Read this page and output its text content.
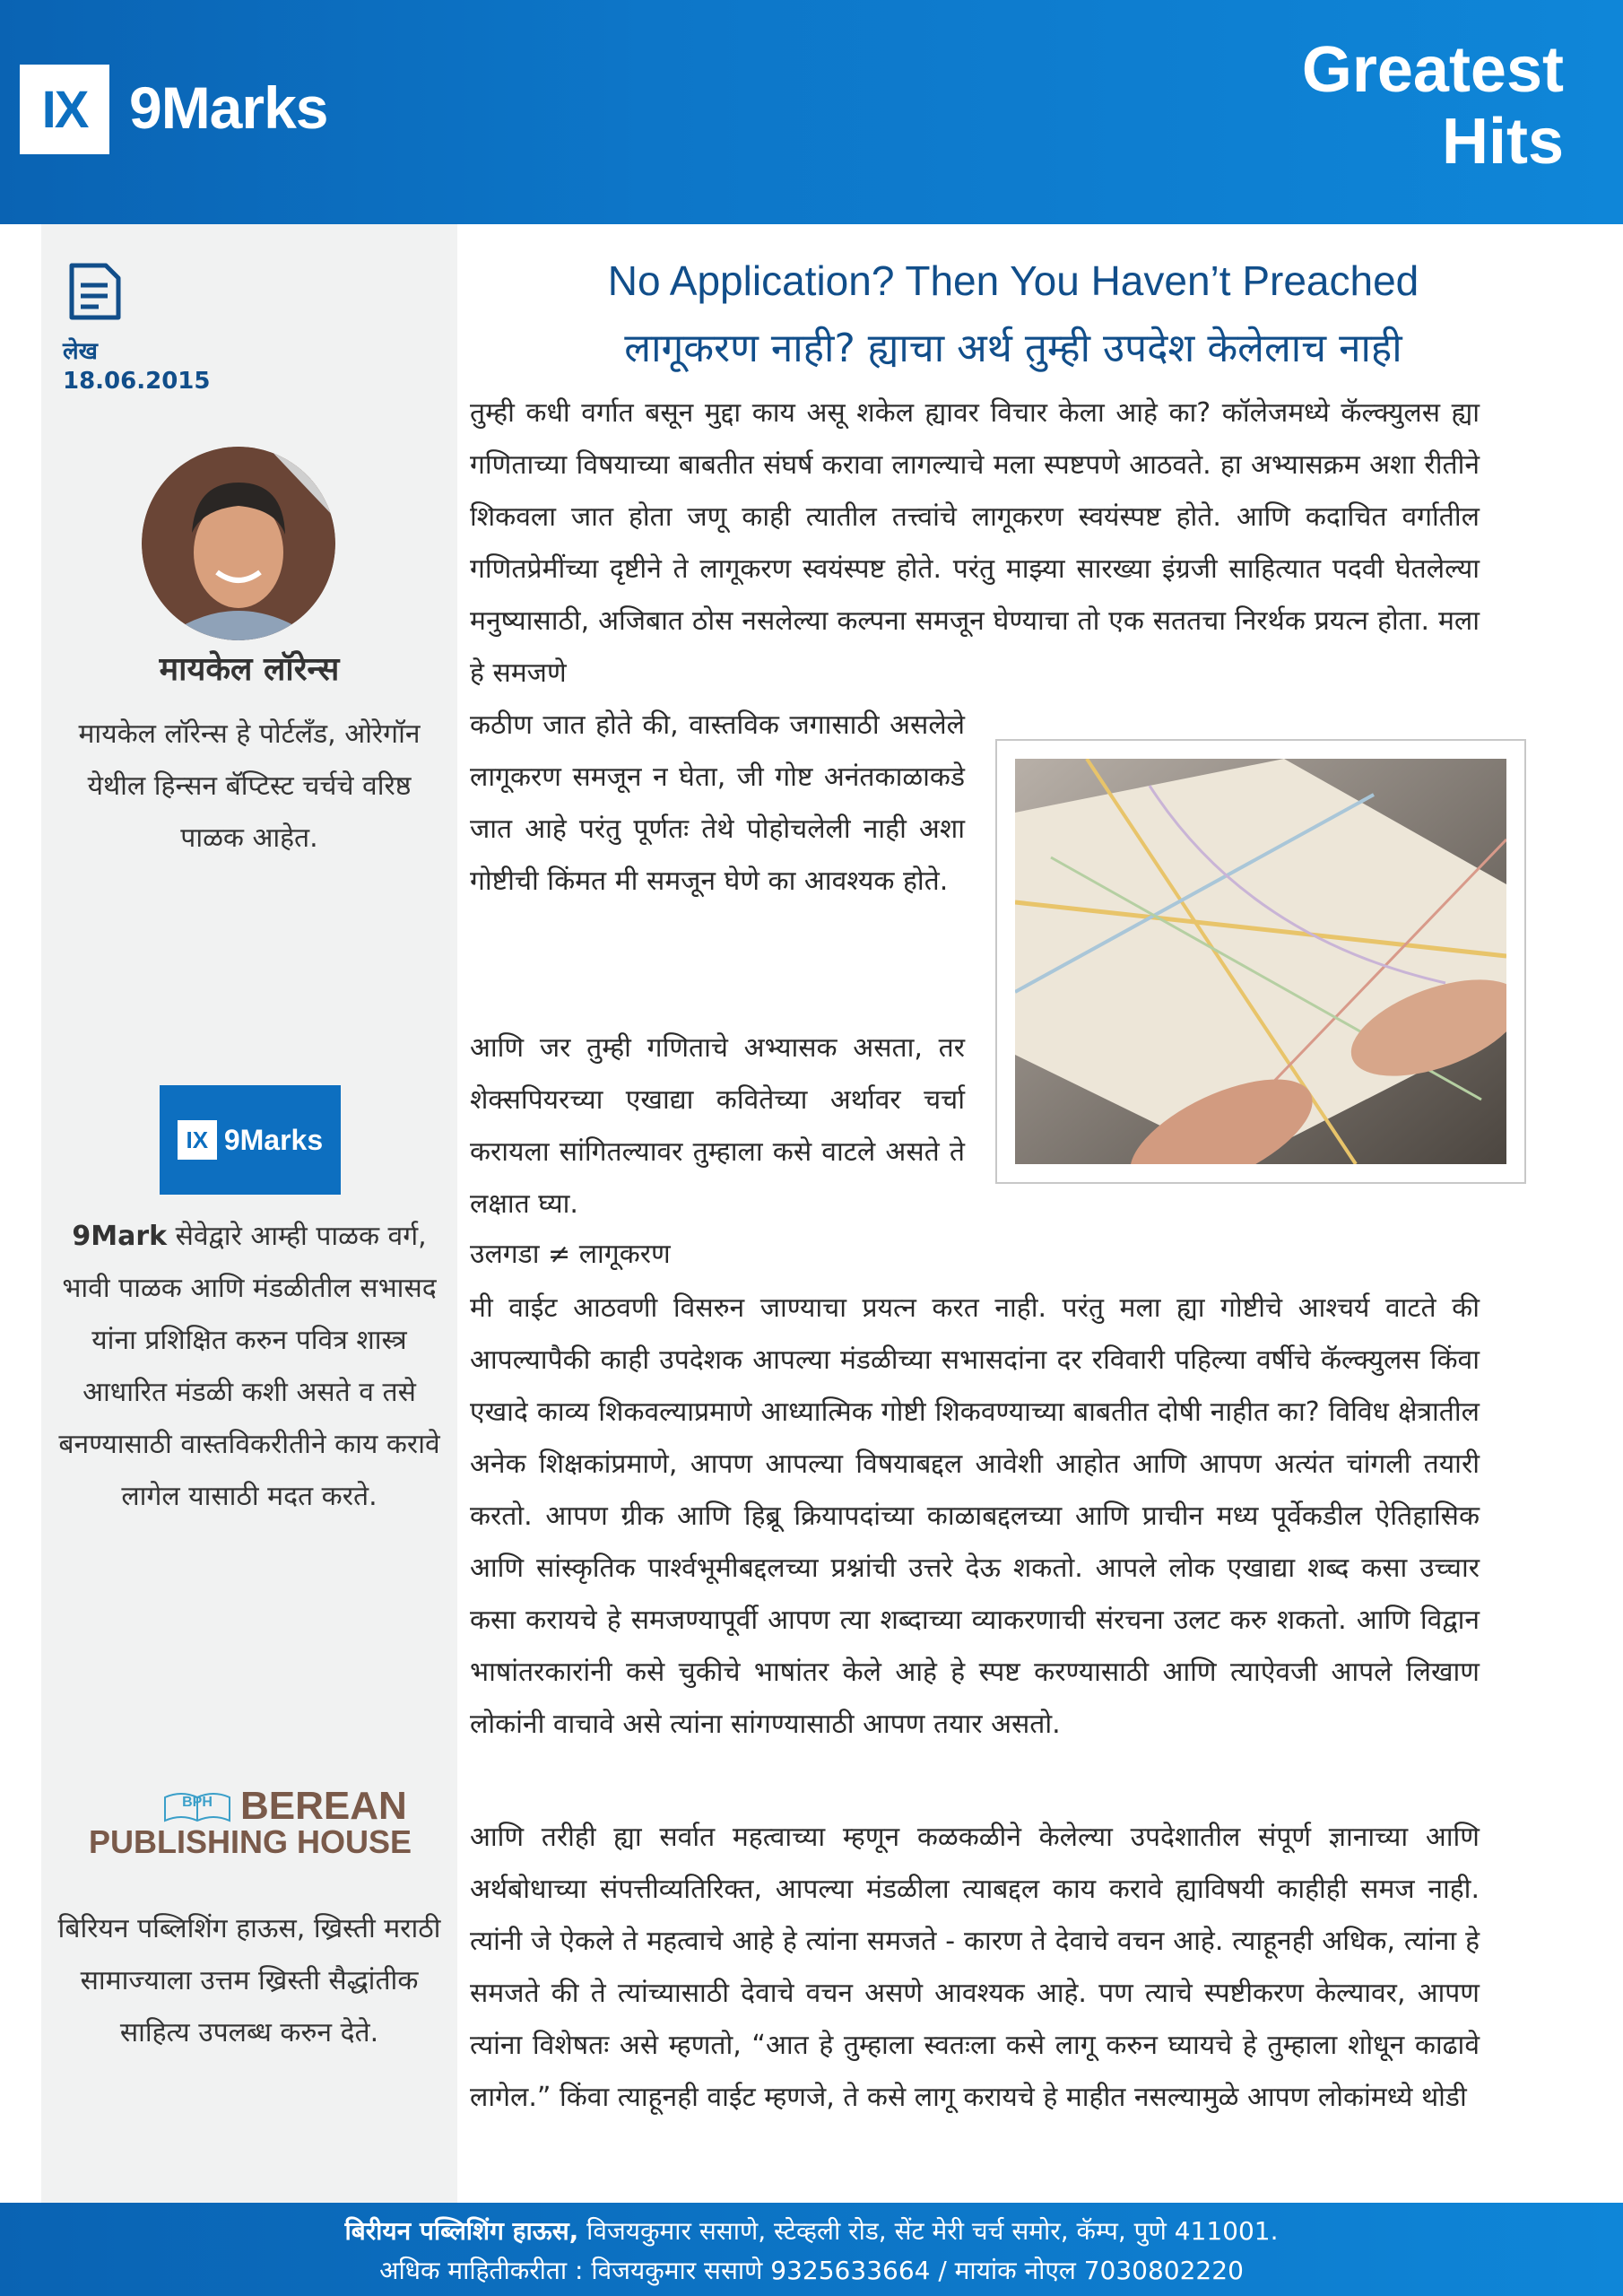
IX 9Marks
Greatest Hits
लेख
18.06.2015
मायकेल लॉरेन्स
मायकेल लॉरेन्स हे पोर्टलँड, ओरेगॉन येथील हिन्सन बॅप्टिस्ट चर्चचे वरिष्ठ पाळक आहेत.
IX 9Marks
9Mark सेवेद्वारे आम्ही पाळक वर्ग, भावी पाळक आणि मंडळीतील सभासद यांना प्रशिक्षित करुन पवित्र शास्त्र आधारित मंडळी कशी असते व तसे बनण्यासाठी वास्तविकरीतीने काय करावे लागेल यासाठी मदत करते.
BPH BEREAN
PUBLISHING HOUSE
बिरियन पब्लिशिंग हाऊस, ख्रिस्ती मराठी सामाज्याला उत्तम ख्रिस्ती सैद्धांतीक साहित्य उपलब्ध करुन देते.
No Application? Then You Haven’t Preached
लागूकरण नाही? ह्याचा अर्थ तुम्ही उपदेश केलेलाच नाही
तुम्ही कधी वर्गात बसून मुद्दा काय असू शकेल ह्यावर विचार केला आहे का? कॉलेजमध्ये कॅल्क्युलस ह्या गणिताच्या विषयाच्या बाबतीत संघर्ष करावा लागल्याचे मला स्पष्टपणे आठवते. हा अभ्यासक्रम अशा रीतीने शिकवला जात होता जणू काही त्यातील तत्त्वांचे लागूकरण स्वयंस्पष्ट होते. आणि कदाचित वर्गातील गणितप्रेमींच्या दृष्टीने ते लागूकरण स्वयंस्पष्ट होते. परंतु माझ्या सारख्या इंग्रजी साहित्यात पदवी घेतलेल्या मनुष्यासाठी, अजिबात ठोस नसलेल्या कल्पना समजून घेण्याचा तो एक सततचा निरर्थक प्रयत्न होता. मला हे समजणे
कठीण जात होते की, वास्तविक जगासाठी असलेले लागूकरण समजून न घेता, जी गोष्ट अनंतकाळाकडे जात आहे परंतु पूर्णतः तेथे पोहोचलेली नाही अशा गोष्टीची किंमत मी समजून घेणे का आवश्यक होते.
आणि जर तुम्ही गणिताचे अभ्यासक असता, तर शेक्सपियरच्या एखाद्या कवितेच्या अर्थावर चर्चा करायला सांगितल्यावर तुम्हाला कसे वाटले असते ते लक्षात घ्या.
उलगडा ≠ लागूकरण
मी वाईट आठवणी विसरुन जाण्याचा प्रयत्न करत नाही. परंतु मला ह्या गोष्टीचे आश्चर्य वाटते की आपल्यापैकी काही उपदेशक आपल्या मंडळीच्या सभासदांना दर रविवारी पहिल्या वर्षीचे कॅल्क्युलस किंवा एखादे काव्य शिकवल्याप्रमाणे आध्यात्मिक गोष्टी शिकवण्याच्या बाबतीत दोषी नाहीत का? विविध क्षेत्रातील अनेक शिक्षकांप्रमाणे, आपण आपल्या विषयाबद्दल आवेशी आहोत आणि आपण अत्यंत चांगली तयारी करतो. आपण ग्रीक आणि हिब्रू क्रियापदांच्या काळाबद्दलच्या आणि प्राचीन मध्य पूर्वेकडील ऐतिहासिक आणि सांस्कृतिक पार्श्वभूमीबद्दलच्या प्रश्नांची उत्तरे देऊ शकतो. आपले लोक एखाद्या शब्द कसा उच्चार कसा करायचे हे समजण्यापूर्वी आपण त्या शब्दाच्या व्याकरणाची संरचना उलट करु शकतो. आणि विद्वान भाषांतरकारांनी कसे चुकीचे भाषांतर केले आहे हे स्पष्ट करण्यासाठी आणि त्याऐवजी आपले लिखाण लोकांनी वाचावे असे त्यांना सांगण्यासाठी आपण तयार असतो.
आणि तरीही ह्या सर्वात महत्वाच्या म्हणून कळकळीने केलेल्या उपदेशातील संपूर्ण ज्ञानाच्या आणि अर्थबोधाच्या संपत्तीव्यतिरिक्त, आपल्या मंडळीला त्याबद्दल काय करावे ह्याविषयी काहीही समज नाही. त्यांनी जे ऐकले ते महत्वाचे आहे हे त्यांना समजते - कारण ते देवाचे वचन आहे. त्याहूनही अधिक, त्यांना हे समजते की ते त्यांच्यासाठी देवाचे वचन असणे आवश्यक आहे. पण त्याचे स्पष्टीकरण केल्यावर, आपण त्यांना विशेषतः असे म्हणतो, “आत हे तुम्हाला स्वतःला कसे लागू करुन घ्यायचे हे तुम्हाला शोधून काढावे लागेल.” किंवा त्याहूनही वाईट म्हणजे, ते कसे लागू करायचे हे माहीत नसल्यामुळे आपण लोकांमध्ये थोडी
बिरीयन पब्लिशिंग हाऊस, विजयकुमार ससाणे, स्टेव्हली रोड, सेंट मेरी चर्च समोर, कॅम्प, पुणे 411001.
अधिक माहितीकरीता : विजयकुमार ससाणे 9325633664 / मायांक नोएल 7030802220
